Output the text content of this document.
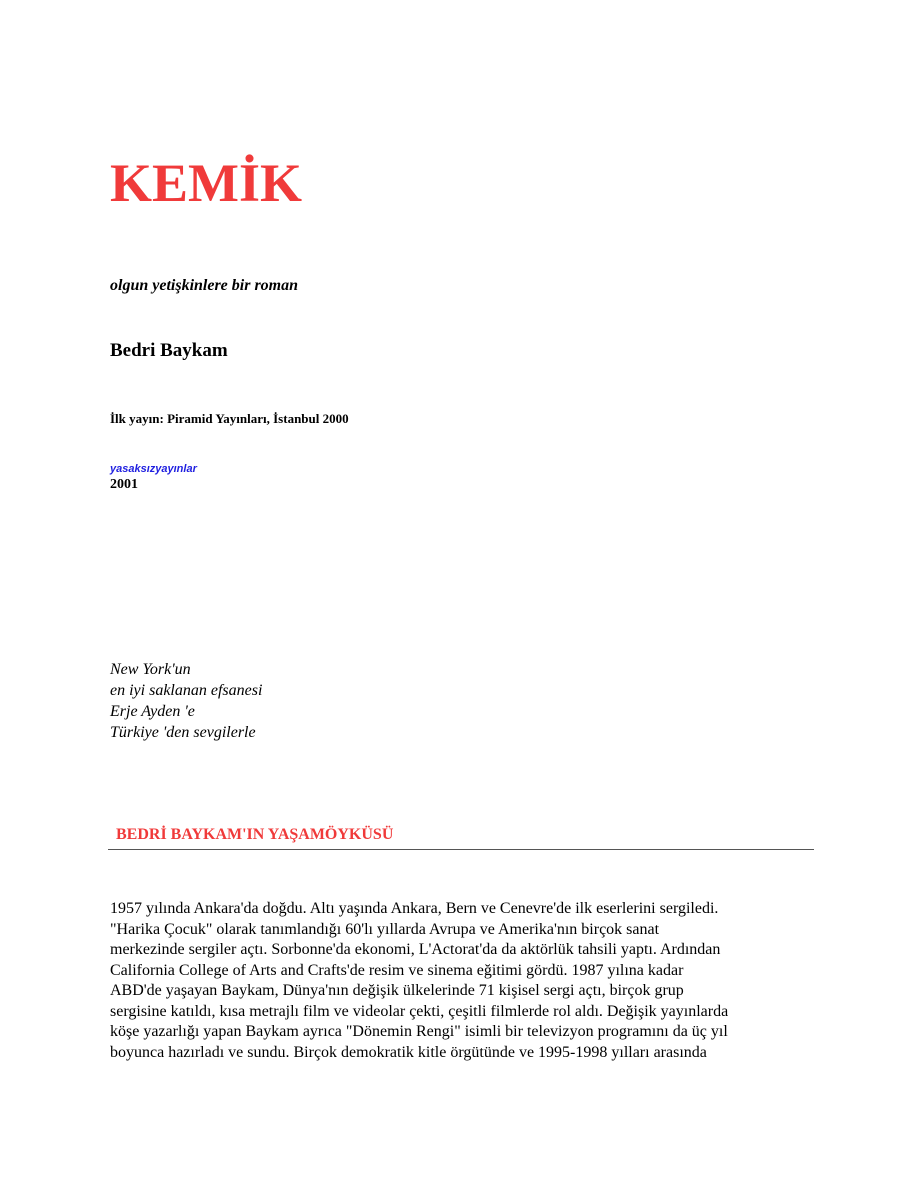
KEMİK
olgun yetişkinlere bir roman
Bedri Baykam
İlk yayın: Piramid Yayınları, İstanbul 2000
yasaksızyayınlar
2001
New York'un
en iyi saklanan efsanesi
Erje Ayden 'e
Türkiye 'den sevgilerle
BEDRİ BAYKAM'IN YAŞAMÖYKÜSÜ
1957 yılında Ankara'da doğdu. Altı yaşında Ankara, Bern ve Cenevre'de ilk eserlerini sergiledi.
"Harika Çocuk" olarak tanımlandığı 60'lı yıllarda Avrupa ve Amerika'nın birçok sanat
merkezinde sergiler açtı. Sorbonne'da ekonomi, L'Actorat'da da aktörlük tahsili yaptı. Ardından
California College of Arts and Crafts'de resim ve sinema eğitimi gördü. 1987 yılına kadar
ABD'de yaşayan Baykam, Dünya'nın değişik ülkelerinde 71 kişisel sergi açtı, birçok grup
sergisine katıldı, kısa metrajlı film ve videolar çekti, çeşitli filmlerde rol aldı. Değişik yayınlarda
köşe yazarlığı yapan Baykam ayrıca "Dönemin Rengi" isimli bir televizyon programını da üç yıl
boyunca hazırladı ve sundu. Birçok demokratik kitle örgütünde ve 1995-1998 yılları arasında
